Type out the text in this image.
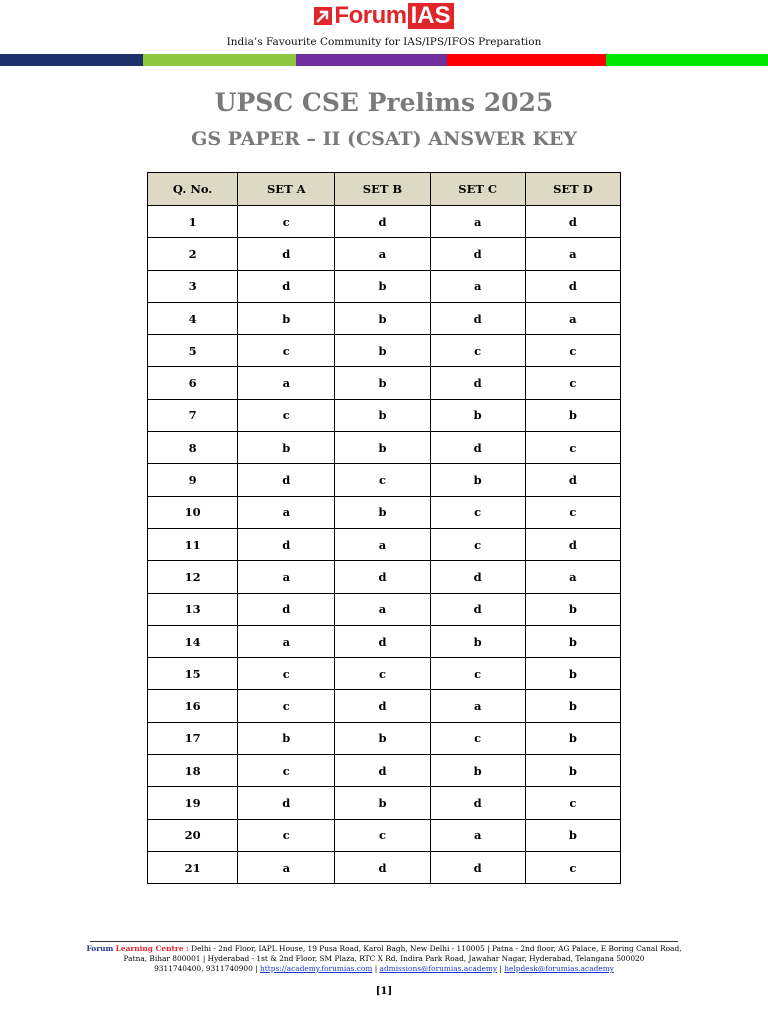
Forum IAS
India’s Favourite Community for IAS/IPS/IFOS Preparation
UPSC CSE Prelims 2025
GS PAPER – II (CSAT) ANSWER KEY
Q. No.	SET A	SET B	SET C	SET D
1	c	d	a	d
2	d	a	d	a
3	d	b	a	d
4	b	b	d	a
5	c	b	c	c
6	a	b	d	c
7	c	b	b	b
8	b	b	d	c
9	d	c	b	d
10	a	b	c	c
11	d	a	c	d
12	a	d	d	a
13	d	a	d	b
14	a	d	b	b
15	c	c	c	b
16	c	d	a	b
17	b	b	c	b
18	c	d	b	b
19	d	b	d	c
20	c	c	a	b
21	a	d	d	c
Forum Learning Centre : Delhi - 2nd Floor, IAPL House, 19 Pusa Road, Karol Bagh, New Delhi - 110005 | Patna - 2nd floor, AG Palace, E Boring Canal Road,
Patna, Bihar 800001 | Hyderabad - 1st & 2nd Floor, SM Plaza, RTC X Rd, Indira Park Road, Jawahar Nagar, Hyderabad, Telangana 500020
9311740400, 9311740900 | https://academy.forumias.com | admissions@forumias.academy | helpdesk@forumias.academy
[1]
